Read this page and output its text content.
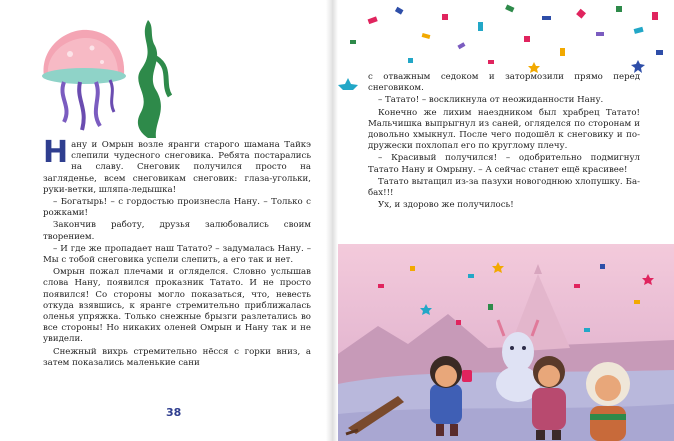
Нану и Омрын возле яранги старого шамана Тайкэ слепили чудесного снеговика. Ребята постарались на славу. Снеговик получился просто на загляденье, всем снеговикам снеговик: глаза-угольки, руки-ветки, шляпа-ледышка!

– Богатырь! – с гордостью произнесла Нану. – Только с рожками!

Закончив работу, друзья залюбовались своим творением.

– И где же пропадает наш Татато? – задумалась Нану. – Мы с тобой снеговика успели слепить, а его так и нет.

Омрын пожал плечами и огляделся. Словно услышав слова Нану, появился проказник Татато. И не просто появился! Со стороны могло показаться, что, невесть откуда взявшись, к яранге стремительно приближалась оленья упряжка. Только снежные брызги разлетались во все стороны! Но никаких оленей Омрын и Нану так и не увидели.

Снежный вихрь стремительно нёсся с горки вниз, а затем показались маленькие сани

38

с отважным седоком и затормозили прямо перед снеговиком.

– Татато! – воскликнула от неожиданности Нану.

Конечно же лихим наездником был храбрец Татато! Мальчишка выпрыгнул из саней, огляделся по сторонам и довольно хмыкнул. После чего подошёл к снеговику и по-дружески похлопал его по круглому плечу.

– Красивый получился! – одобрительно подмигнул Татато Нану и Омрыну. – А сейчас станет ещё красивее!

Татато вытащил из-за пазухи новогоднюю хлопушку. Ба-бах!!!

Ух, и здорово же получилось!
